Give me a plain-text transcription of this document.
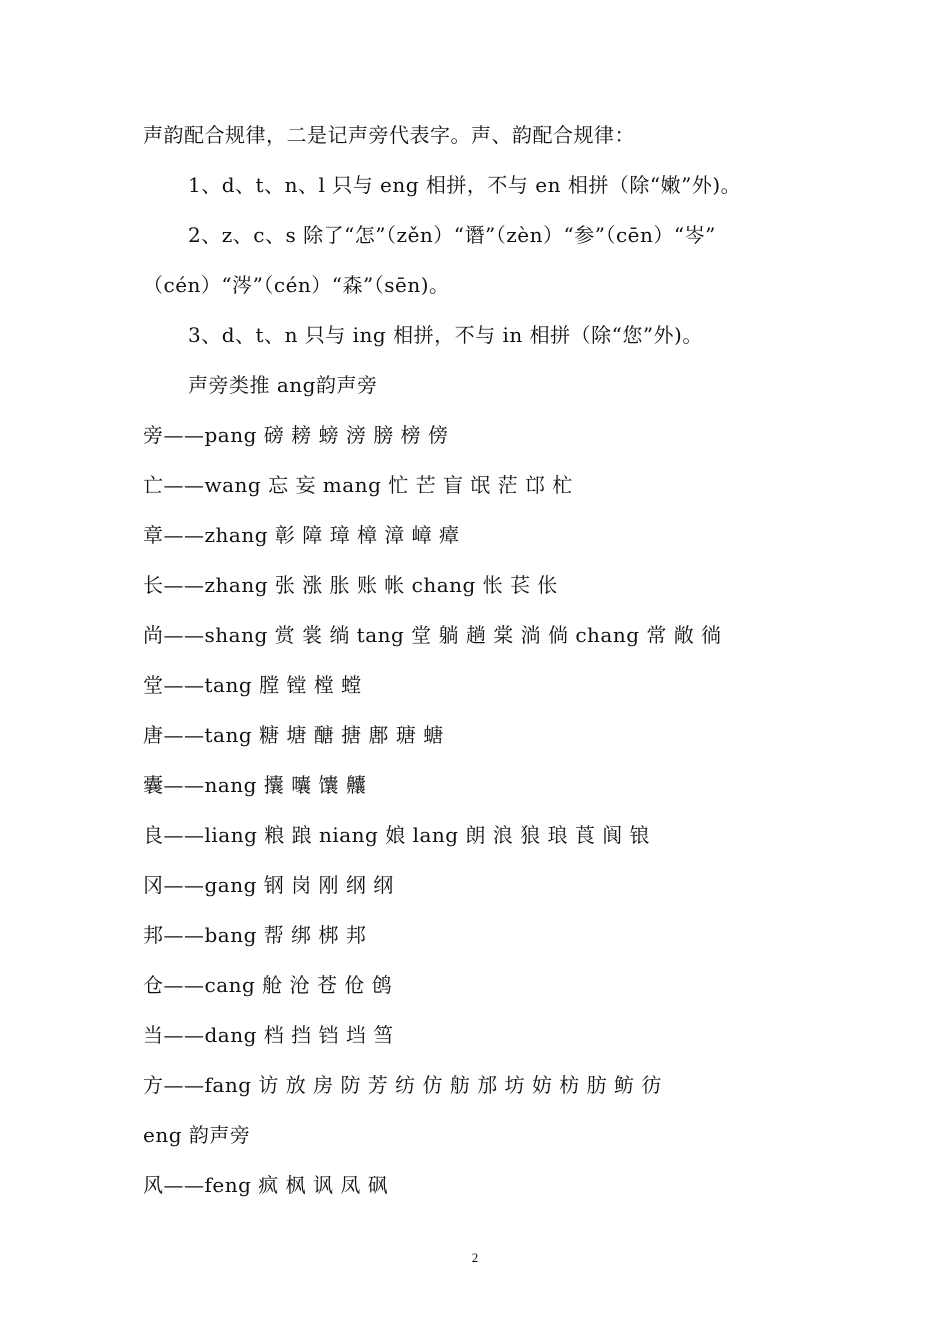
声韵配合规律，二是记声旁代表字。声、韵配合规律：
1、d、t、n、l 只与 eng 相拼，不与 en 相拼（除“嫩”外)。
2、z、c、s 除了“怎”（zěn）“谮”（zèn）“参”（cēn）“岑”
（cén）“涔”（cén）“森”（sēn)。
3、d、t、n 只与 ing 相拼，不与 in 相拼（除“您”外)。
声旁类推 ang韵声旁
旁——pang 磅 耪 螃 滂 膀 榜 傍
亡——wang 忘 妄 mang 忙 芒 盲 氓 茫 邙 杧
章——zhang 彰 障 璋 樟 漳 嶂 瘴
长——zhang 张 涨 胀 账 帐 chang 怅 苌 伥
尚——shang 赏 裳 绱 tang 堂 躺 趟 棠 淌 倘 chang 常 敞 徜
堂——tang 膛 镗 樘 螳
唐——tang 糖 塘 醣 搪 鄌 瑭 螗
囊——nang 攮 囔 馕 齉
良——liang 粮 踉 niang 娘 lang 朗 浪 狼 琅 莨 阆 锒
冈——gang 钢 岗 刚 纲 纲
邦——bang 帮 绑 梆 邦
仓——cang 舱 沧 苍 伧 鸧
当——dang 档 挡 铛 垱 筜
方——fang 访 放 房 防 芳 纺 仿 舫 邡 坊 妨 枋 肪 鲂 彷
eng 韵声旁
风——feng 疯 枫 讽 凤 砜
2
